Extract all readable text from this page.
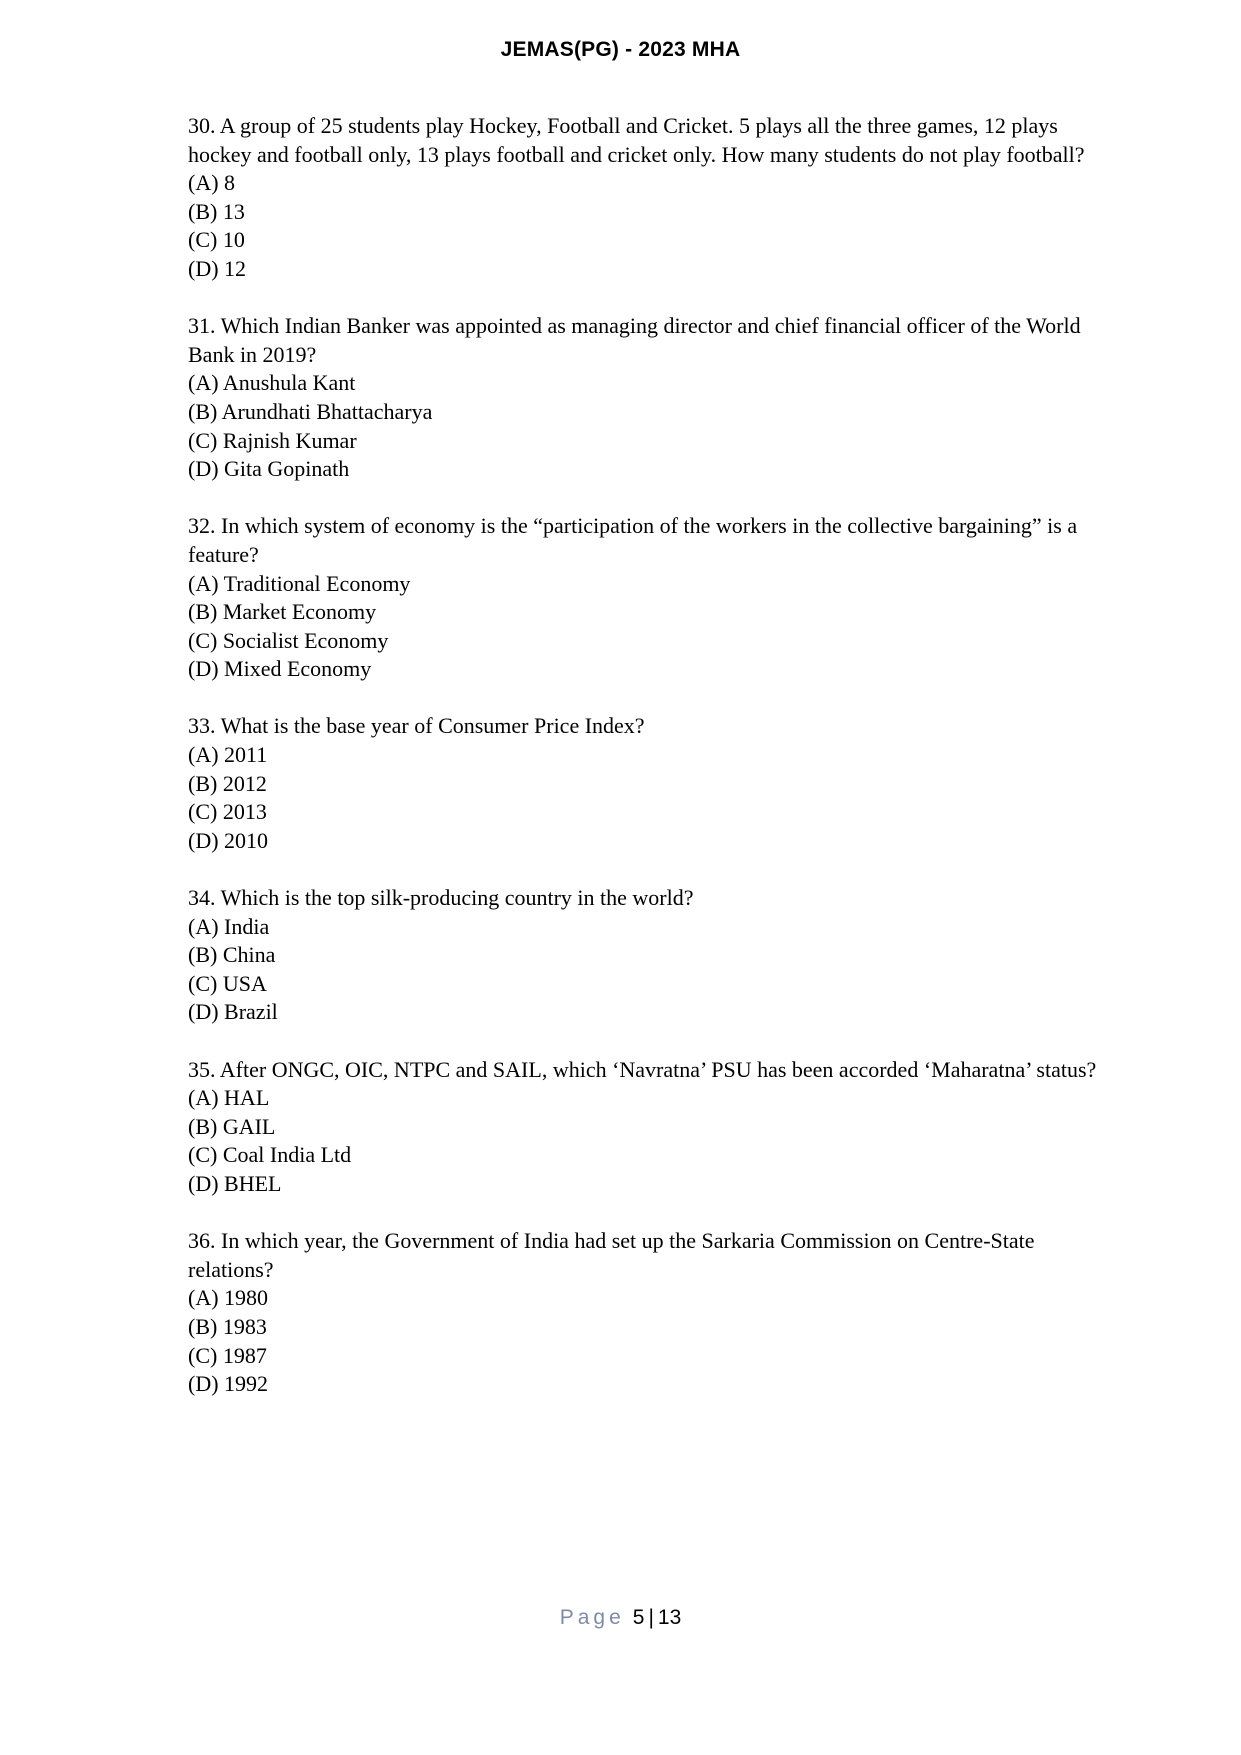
JEMAS(PG) - 2023 MHA

30. A group of 25 students play Hockey, Football and Cricket. 5 plays all the three games, 12 plays hockey and football only, 13 plays football and cricket only. How many students do not play football?

(A) 8

(B) 13

(C) 10

(D) 12

31. Which Indian Banker was appointed as managing director and chief financial officer of the World Bank in 2019?

(A) Anushula Kant

(B) Arundhati Bhattacharya

(C) Rajnish Kumar

(D) Gita Gopinath

32. In which system of economy is the “participation of the workers in the collective bargaining” is a feature?

(A) Traditional Economy

(B) Market Economy

(C) Socialist Economy

(D) Mixed Economy

33. What is the base year of Consumer Price Index?

(A) 2011

(B) 2012

(C) 2013

(D) 2010

34. Which is the top silk-producing country in the world?

(A) India

(B) China

(C) USA

(D) Brazil

35. After ONGC, OIC, NTPC and SAIL, which ‘Navratna’ PSU has been accorded ‘Maharatna’ status?

(A) HAL

(B) GAIL

(C) Coal India Ltd

(D) BHEL

36. In which year, the Government of India had set up the Sarkaria Commission on Centre-State relations?

(A) 1980

(B) 1983

(C) 1987

(D) 1992

Page 5 | 13
